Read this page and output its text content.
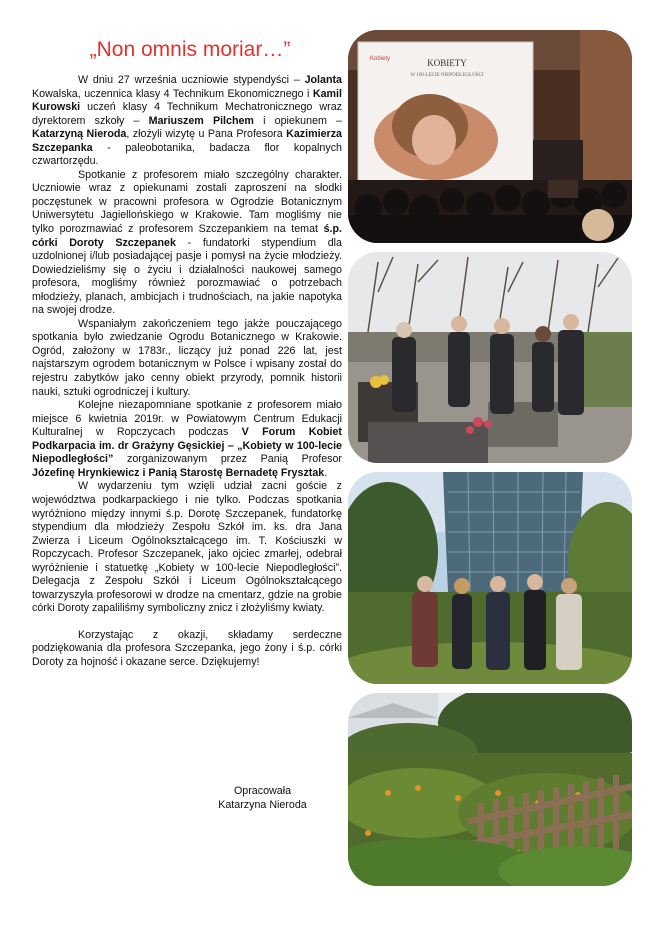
„Non omnis moriar…”

W dniu 27 września uczniowie stypendyści – Jolanta Kowalska, uczennica klasy 4 Technikum Ekonomicznego i Kamil Kurowski uczeń klasy 4 Technikum Mechatronicznego wraz dyrektorem szkoły – Mariuszem Pilchem i opiekunem – Katarzyną Nieroda, złożyli wizytę u Pana Profesora Kazimierza Szczepanka - paleobotanika, badacza flor kopalnych czwartorzędu.

Spotkanie z profesorem miało szczególny charakter. Uczniowie wraz z opiekunami zostali zaproszeni na słodki poczęstunek w pracowni profesora w Ogrodzie Botanicznym Uniwersytetu Jagiellońskiego w Krakowie. Tam mogliśmy nie tylko porozmawiać z profesorem Szczepankiem na temat ś.p. córki Doroty Szczepanek - fundatorki stypendium dla uzdolnionej i/lub posiadającej pasje i pomysł na życie młodzieży. Dowiedzieliśmy się o życiu i działalności naukowej samego profesora, mogliśmy również porozmawiać o potrzebach młodzieży, planach, ambicjach i trudnościach, na jakie napotyka na swojej drodze.

Wspaniałym zakończeniem tego jakże pouczającego spotkania było zwiedzanie Ogrodu Botanicznego w Krakowie. Ogród, założony w 1783r., liczący już ponad 226 lat, jest najstarszym ogrodem botanicznym w Polsce i wpisany został do rejestru zabytków jako cenny obiekt przyrody, pomnik historii nauki, sztuki ogrodniczej i kultury.

Kolejne niezapomniane spotkanie z profesorem miało miejsce 6 kwietnia 2019r. w Powiatowym Centrum Edukacji Kulturalnej w Ropczycach podczas V Forum Kobiet Podkarpacia im. dr Grażyny Gęsickiej – „Kobiety w 100-lecie Niepodległości” zorganizowanym przez Panią Profesor Józefinę Hrynkiewicz i Panią Starostę Bernadetę Frysztak.

W wydarzeniu tym wzięli udział zacni goście z województwa podkarpackiego i nie tylko. Podczas spotkania wyróżniono między innymi ś.p. Dorotę Szczepanek, fundatorkę stypendium dla młodzieży Zespołu Szkół im. ks. dra Jana Zwierza i Liceum Ogólnokształcącego im. T. Kościuszki w Ropczycach. Profesor Szczepanek, jako ojciec zmarłej, odebrał wyróżnienie i statuetkę „Kobiety w 100-lecie Niepodległości”. Delegacja z Zespołu Szkół i Liceum Ogólnokształcącego towarzyszyła profesorowi w drodze na cmentarz, gdzie na grobie córki Doroty zapaliliśmy symboliczny znicz i złożyliśmy kwiaty.

Korzystając z okazji, składamy serdeczne podziękowania dla profesora Szczepanka, jego żony i ś.p. córki Doroty za hojność i okazane serce. Dziękujemy!

Opracowała
Katarzyna Nieroda
Kobiety	KOBIETY
W 100-LECIE NIEPODLEGŁOŚCI
